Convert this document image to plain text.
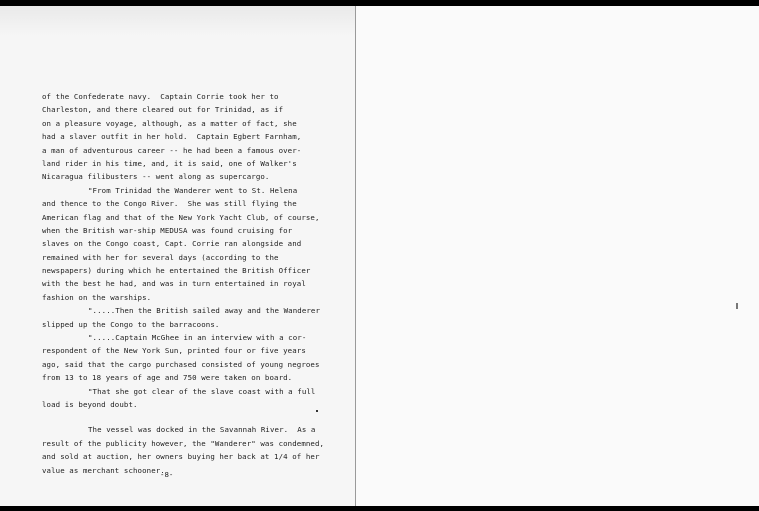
of the Confederate navy.  Captain Corrie took her to
Charleston, and there cleared out for Trinidad, as if
on a pleasure voyage, although, as a matter of fact, she
had a slaver outfit in her hold.  Captain Egbert Farnham,
a man of adventurous career -- he had been a famous over-
land rider in his time, and, it is said, one of Walker's
Nicaragua filibusters -- went along as supercargo.
"From Trinidad the Wanderer went to St. Helena
and thence to the Congo River.  She was still flying the
American flag and that of the New York Yacht Club, of course,
when the British war-ship MEDUSA was found cruising for
slaves on the Congo coast, Capt. Corrie ran alongside and
remained with her for several days (according to the
newspapers) during which he entertained the British Officer
with the best he had, and was in turn entertained in royal
fashion on the warships.
".....Then the British sailed away and the Wanderer
slipped up the Congo to the barracoons.
".....Captain McGhee in an interview with a cor-
respondent of the New York Sun, printed four or five years
ago, said that the cargo purchased consisted of young negroes
from 13 to 18 years of age and 750 were taken on board.
"That she got clear of the slave coast with a full
load is beyond doubt.
The vessel was docked in the Savannah River.  As a
result of the publicity however, the "Wanderer" was condemned,
and sold at auction, her owners buying her back at 1/4 of her
value as merchant schooner.
-8-
